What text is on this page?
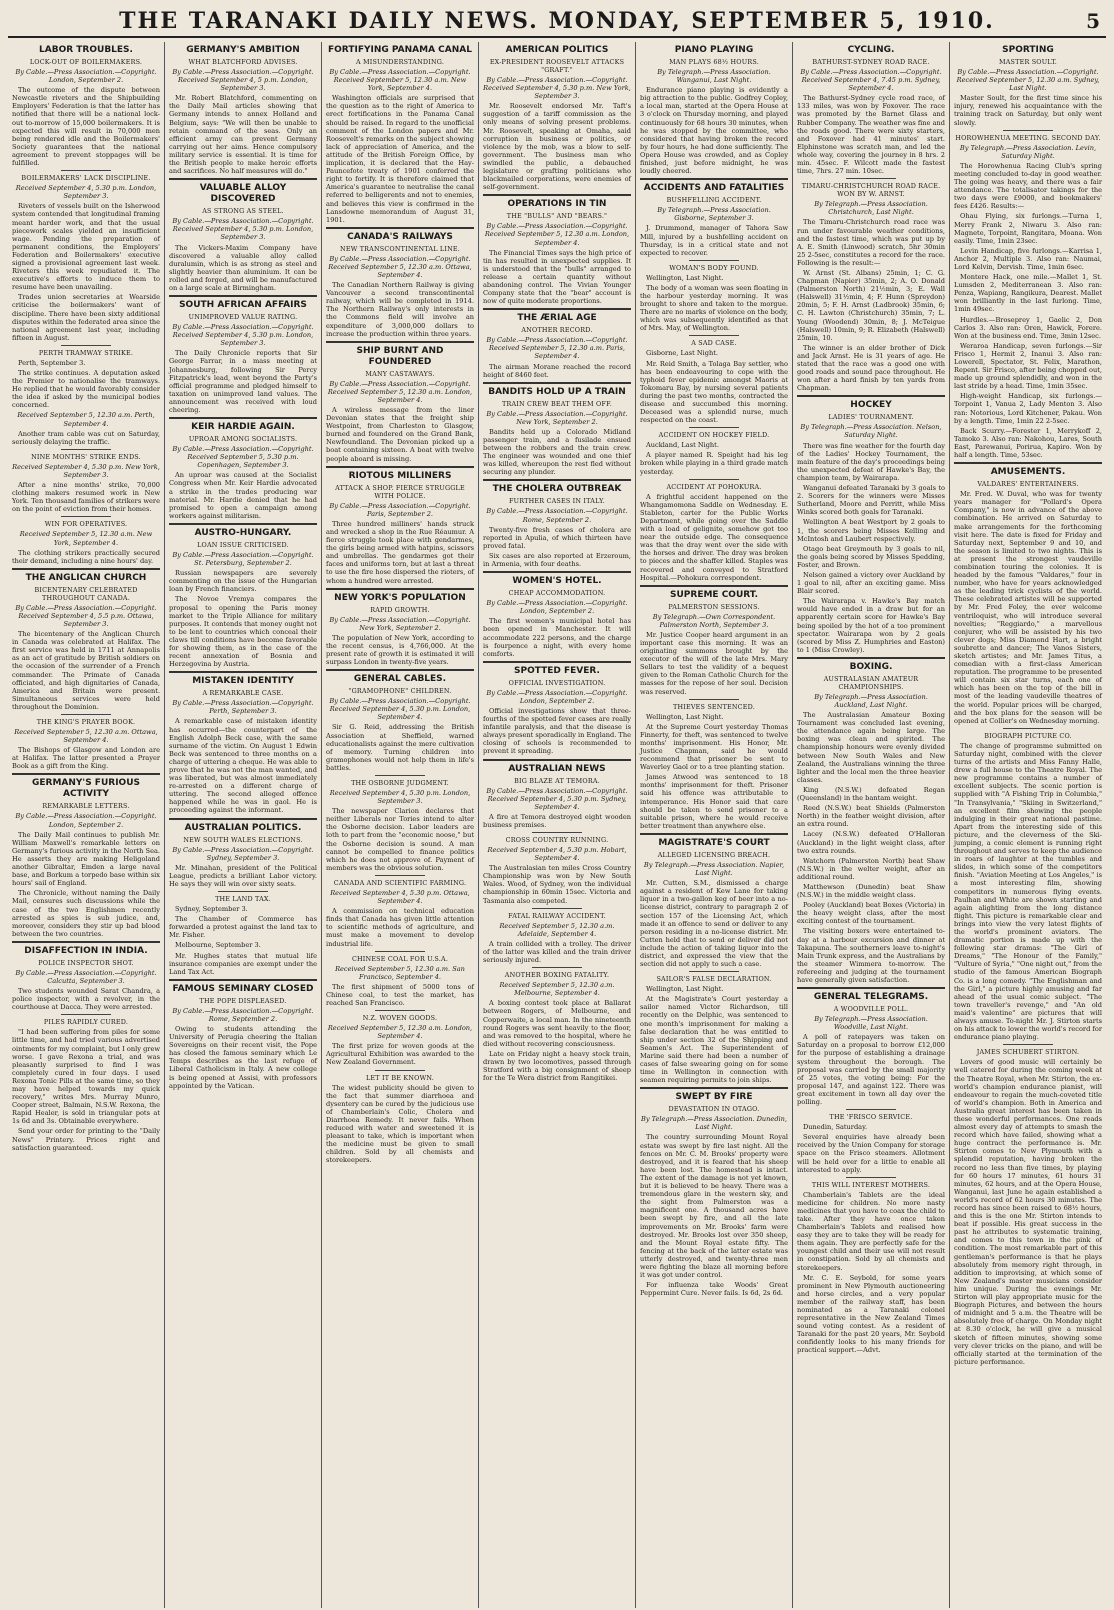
THE TARANAKI DAILY NEWS. MONDAY, SEPTEMBER 5, 1910.	5
LABOR TROUBLES.
LOCK-OUT OF BOILERMAKERS.

By Cable.—Press Association.—Copyright. London, September 2.

The outcome of the dispute between Newcastle riveters and the Shipbuilding Employers' Federation is that the latter has notified that there will be a national lock-out to-morrow of 15,000 boilermakers. It is expected this will result in 70,000 men being rendered idle and the Boilermakers' Society guarantees that the national agreement to prevent stoppages will be fulfilled.

BOILERMAKERS' LACK DISCIPLINE.

Received September 4, 5.30 p.m. London, September 3.

Riveters of vessels built on the Isherwood system contended that longitudinal framing meant harder work, and that the usual piecework scales yielded an insufficient wage. Pending the preparation of permanent conditions, the Employers' Federation and Boilermakers' executive signed a provisional agreement last week. Riveters this week repudiated it. The executive's efforts to induce them to resume have been unavailing.

Trades union secretaries at Wearside criticise the boilermakers' want of discipline. There have been sixty additional disputes within the federated area since the national agreement last year, including fifteen in August.

PERTH TRAMWAY STRIKE.

Perth, September 3.

The strike continues. A deputation asked the Premier to nationalise the tramways. He replied that he would favorably consider the idea if asked by the municipal bodies concerned.

Received September 5, 12.30 a.m. Perth, September 4.

Another tram cable was cut on Saturday, seriously delaying the traffic.

NINE MONTHS' STRIKE ENDS.

Received September 4, 5.30 p.m. New York, September 3.

After a nine months' strike, 70,000 clothing makers resumed work in New York. Ten thousand families of strikers were on the point of eviction from their homes.

WIN FOR OPERATIVES.

Received September 5, 12.30 a.m. New York, September 4.

The clothing strikers practically secured their demand, including a nine hours' day.

THE ANGLICAN CHURCH
BICENTENARY CELEBRATED THROUGHOUT CANADA.

By Cable.—Press Association.—Copyright. Received September 4, 5.5 p.m. Ottawa, September 3.

The bicentenary of the Anglican Church in Canada was celebrated at Halifax. The first service was held in 1711 at Annapolis as an act of gratitude by British soldiers on the occasion of the surrender of a French commander. The Primate of Canada officiated, and high dignitaries of Canada, America and Britain were present. Simultaneous services were held throughout the Dominion.

THE KING'S PRAYER BOOK.

Received September 5, 12.30 a.m. Ottawa, September 4.

The Bishops of Glasgow and London are at Halifax. The latter presented a Prayer Book as a gift from the King.

GERMANY'S FURIOUS ACTIVITY
REMARKABLE LETTERS.

By Cable.—Press Association.—Copyright. London, September 2.

The Daily Mail continues to publish Mr. William Maxwell's remarkable letters on Germany's furious activity in the North Sea. He asserts they are making Heligoland another Gibraltar, Emden a large naval base, and Borkum a torpedo base within six hours' sail of England.

The Chronicle, without naming the Daily Mail, censures such discussions while the case of the two Englishmen recently arrested as spies is sub judice, and, moreover, considers they stir up bad blood between the two countries.

DISAFFECTION IN INDIA.
POLICE INSPECTOR SHOT.

By Cable.—Press Association.—Copyright. Calcutta, September 3.

Two students wounded Sarat Chandra, a police inspector, with a revolver, in the courthouse at Dacca. They were arrested.

PILES RAPIDLY CURED.

"I had been suffering from piles for some little time, and had tried various advertised ointments for my complaint, but I only grew worse. I gave Rexona a trial, and was pleasantly surprised to find I was completely cured in four days. I used Rexona Tonic Pills at the same time, so they may have helped towards my quick recovery," writes Mrs. Murray Munro, Cooper street, Balmain, N.S.W. Rexona, the Rapid Healer, is sold in triangular pots at 1s 6d and 3s. Obtainable everywhere.

Send your order for printing to the "Daily News" Printery. Prices right and satisfaction guaranteed.

GERMANY'S AMBITION
WHAT BLATCHFORD ADVISES.

By Cable.—Press Association.—Copyright. Received September 4, 5 p.m. London, September 3.

Mr. Robert Blatchford, commenting on the Daily Mail articles showing that Germany intends to annex Holland and Belgium, says: "We will then be unable to retain command of the seas. Only an efficient army can prevent Germany carrying out her aims. Hence compulsory military service is essential. It is time for the British people to make heroic efforts and sacrifices. No half measures will do."

VALUABLE ALLOY DISCOVERED
AS STRONG AS STEEL.

By Cable.—Press Association.—Copyright. Received September 4, 5.30 p.m. London, September 3.

The Vickers-Maxim Company have discovered a valuable alloy called duralumin, which is as strong as steel and slightly heavier than aluminium. It can be rolled and forged, and will be manufactured on a large scale at Birmingham.

SOUTH AFRICAN AFFAIRS
UNIMPROVED VALUE RATING.

By Cable.—Press Association.—Copyright. Received September 4, 5.30 p.m. London, September 3.

The Daily Chronicle reports that Sir George Farrar, in a mass meeting at Johannesburg, following Sir Percy Fitzpatrick's lead, went beyond the Party's official programme and pledged himself to taxation on unimproved land values. The announcement was received with loud cheering.

KEIR HARDIE AGAIN.
UPROAR AMONG SOCIALISTS.

By Cable.—Press Association.—Copyright. Received September 5, 5.30 p.m. Copenhagen, September 3.

An uproar was caused at the Socialist Congress when Mr. Keir Hardie advocated a strike in the trades producing war material. Mr. Hardie denied that he had promised to open a campaign among workers against militarism.

AUSTRO-HUNGARY.
LOAN ISSUE CRITICISED.

By Cable.—Press Association.—Copyright. St. Petersburg, September 2.

Russian newspapers are severely commenting on the issue of the Hungarian loan by French financiers.

The Novoe Vremya compares the proposal to opening the Paris money market to the Triple Alliance for military purposes. It contends that money ought not to be lent to countries which conceal their claws till conditions have become favorable for showing them, as in the case of the recent annexation of Bosnia and Herzegovina by Austria.

MISTAKEN IDENTITY
A REMARKABLE CASE.

By Cable.—Press Association.—Copyright. Perth, September 3.

A remarkable case of mistaken identity has occurred—the counterpart of the English Adolph Beck case, with the same surname of the victim. On August 1 Edwin Beck was sentenced to three months on a charge of uttering a cheque. He was able to prove that he was not the man wanted, and was liberated, but was almost immediately re-arrested on a different charge of uttering. The second alleged offence happened while he was in gaol. He is proceeding against the informant.

AUSTRALIAN POLITICS.
NEW SOUTH WALES ELECTIONS.

By Cable.—Press Association.—Copyright. Sydney, September 3.

Mr. Minahan, president of the Political League, predicts a brilliant Labor victory. He says they will win over sixty seats.

THE LAND TAX.

Sydney, September 3.

The Chamber of Commerce has forwarded a protest against the land tax to Mr. Fisher.

Melbourne, September 3.

Mr. Hughes states that mutual life insurance companies are exempt under the Land Tax Act.

FAMOUS SEMINARY CLOSED
THE POPE DISPLEASED.

By Cable.—Press Association.—Copyright. Rome, September 2.

Owing to students attending the University of Perugia cheering the Italian Sovereigns on their recent visit, the Pope has closed the famous seminary which Le Temps describes as the last refuge of Liberal Catholicism in Italy. A new college is being opened at Assisi, with professors appointed by the Vatican.

FORTIFYING PANAMA CANAL
A MISUNDERSTANDING.

By Cable.—Press Association.—Copyright. Received September 5, 12.30 a.m. New York, September 4.

Washington officials are surprised that the question as to the right of America to erect fortifications in the Panama Canal should be raised. In regard to the unofficial comment of the London papers and Mr. Roosevelt's remarks on the subject showing lack of appreciation of America, and the attitude of the British Foreign Office, by implication, it is declared that the Hay-Pauncefote treaty of 1901 conferred the right to fortify. It is therefore claimed that America's guarantee to neutralise the canal referred to belligerents and not to enemies, and believes this view is confirmed in the Lansdowne memorandum of August 31, 1901.

CANADA'S RAILWAYS
NEW TRANSCONTINENTAL LINE.

By Cable.—Press Association.—Copyright. Received September 5, 12.30 a.m. Ottawa, September 4.

The Canadian Northern Railway is giving Vancouver a second transcontinental railway, which will be completed in 1914. The Northern Railway's only interests in the Commons field will involve an expenditure of 3,000,000 dollars to increase the production within three years.

SHIP BURNT AND FOUNDERED
MANY CASTAWAYS.

By Cable.—Press Association.—Copyright. Received September 5, 12.30 a.m. London, September 4.

A wireless message from the liner Devonian states that the freight ship Westpoint, from Charleston to Glasgow, burned and foundered on the Grand Bank, Newfoundland. The Devonian picked up a boat containing sixteen. A boat with twelve people aboard is missing.

RIOTOUS MILLINERS
ATTACK A SHOP. FIERCE STRUGGLE WITH POLICE.

By Cable.—Press Association.—Copyright. Paris, September 2.

Three hundred milliners' hands struck and wrecked a shop in the Rue Réaumur. A fierce struggle took place with gendarmes, the girls being armed with hatpins, scissors and umbrellas. The gendarmes got their faces and uniforms torn, but at last a threat to use the fire hose dispersed the rioters, of whom a hundred were arrested.

NEW YORK'S POPULATION
RAPID GROWTH.

By Cable.—Press Association.—Copyright. New York, September 2.

The population of New York, according to the recent census, is 4,766,000. At the present rate of growth it is estimated it will surpass London in twenty-five years.

GENERAL CABLES.
"GRAMOPHONE" CHILDREN.

By Cable.—Press Association.—Copyright. Received September 4, 5.30 p.m. London, September 4.

Sir G. Reid, addressing the British Association at Sheffield, warned educationalists against the mere cultivation of memory. Turning children into gramophones would not help them in life's battles.

THE OSBORNE JUDGMENT.

Received September 4, 5.30 p.m. London, September 3.

The newspaper Clarion declares that neither Liberals nor Tories intend to alter the Osborne decision. Labor leaders are loth to part from the "economic noose," but the Osborne decision is sound. A man cannot be compelled to finance politics which he does not approve of. Payment of members was the obvious solution.

CANADA AND SCIENTIFIC FARMING.

Received September 4, 5.30 p.m. Ottawa, September 4.

A commission on technical education finds that Canada has given little attention to scientific methods of agriculture, and must make a movement to develop industrial life.

CHINESE COAL FOR U.S.A.

Received September 5, 12.30 a.m. San Francisco, September 4.

The first shipment of 5000 tons of Chinese coal, to test the market, has reached San Francisco.

N.Z. WOVEN GOODS.

Received September 5, 12.30 a.m. London, September 4.

The first prize for woven goods at the Agricultural Exhibition was awarded to the New Zealand Government.

LET IT BE KNOWN.

The widest publicity should be given to the fact that summer diarrhoea and dysentery can be cured by the judicious use of Chamberlain's Colic, Cholera and Diarrhoea Remedy. It never fails. When reduced with water and sweetened it is pleasant to take, which is important when the medicine must be given to small children. Sold by all chemists and storekeepers.

AMERICAN POLITICS
EX-PRESIDENT ROOSEVELT ATTACKS "GRAFT."

By Cable.—Press Association.—Copyright. Received September 4, 5.30 p.m. New York, September 3.

Mr. Roosevelt endorsed Mr. Taft's suggestion of a tariff commission as the only means of solving present problems. Mr. Roosevelt, speaking at Omaha, said corruption in business or politics, or violence by the mob, was a blow to self-government. The business man who swindled the public, a debauched legislature or grafting politicians who blackmailed corporations, were enemies of self-government.

OPERATIONS IN TIN
THE "BULLS" AND "BEARS."

By Cable.—Press Association.—Copyright. Received September 5, 12.30 a.m. London, September 4.

The Financial Times says the high price of tin has resulted in unexpected supplies. It is understood that the "bulls" arranged to release a certain quantity without abandoning control. The Vivian Younger Company state that the "bear" account is now of quite moderate proportions.

THE ÆRIAL AGE
ANOTHER RECORD.

By Cable.—Press Association.—Copyright. Received September 5, 12.30 a.m. Paris, September 4.

The airman Morane reached the record height of 8460 feet.

BANDITS HOLD UP A TRAIN
TRAIN CREW BEAT THEM OFF.

By Cable.—Press Association.—Copyright. New York, September 2.

Bandits held up a Colorado Midland passenger train, and a fusilade ensued between the robbers and the train crew. The engineer was wounded and one thief was killed, whereupon the rest fled without securing any plunder.

THE CHOLERA OUTBREAK
FURTHER CASES IN ITALY.

By Cable.—Press Association.—Copyright. Rome, September 2.

Twenty-five fresh cases of cholera are reported in Apulia, of which thirteen have proved fatal.

Six cases are also reported at Erzeroum, in Armenia, with four deaths.

WOMEN'S HOTEL.
CHEAP ACCOMMODATION.

By Cable.—Press Association.—Copyright. London, September 2.

The first women's municipal hotel has been opened in Manchester. It will accommodate 222 persons, and the charge is fourpence a night, with every home comforts.

SPOTTED FEVER.
OFFICIAL INVESTIGATION.

By Cable.—Press Association.—Copyright. London, September 2.

Official investigations show that three-fourths of the spotted fever cases are really infantile paralysis, and that the disease is always present sporadically in England. The closing of schools is recommended to prevent it spreading.

AUSTRALIAN NEWS
BIG BLAZE AT TEMORA.

By Cable.—Press Association.—Copyright. Received September 4, 5.30 p.m. Sydney, September 4.

A fire at Temora destroyed eight wooden business premises.

CROSS COUNTRY RUNNING.

Received September 4, 5.30 p.m. Hobart, September 4.

The Australasian ten miles Cross Country Championship was won by New South Wales. Wood, of Sydney, won the individual championship in 60min 15sec. Victoria and Tasmania also competed.

FATAL RAILWAY ACCIDENT.

Received September 5, 12.30 a.m. Adelaide, September 4.

A train collided with a trolley. The driver of the latter was killed and the train driver seriously injured.

ANOTHER BOXING FATALITY.

Received September 5, 12.30 a.m. Melbourne, September 4.

A boxing contest took place at Ballarat between Rogers, of Melbourne, and Copperwaite, a local man. In the nineteenth round Rogers was sent heavily to the floor, and was removed to the hospital, where he died without recovering consciousness.

Late on Friday night a heavy stock train, drawn by two locomotives, passed through Stratford with a big consignment of sheep for the Te Wera district from Rangitikei.

PIANO PLAYING
MAN PLAYS 68½ HOURS.

By Telegraph.—Press Association. Wanganui, Last Night.

Endurance piano playing is evidently a big attraction to the public. Godfrey Copley, a local man, started at the Opera House at 3 o'clock on Thursday morning, and played continuously for 68 hours 30 minutes, when he was stopped by the committee, who considered that having broken the record by four hours, he had done sufficiently. The Opera House was crowded, and as Copley finished, just before midnight, he was loudly cheered.

ACCIDENTS AND FATALITIES
BUSHFELLING ACCIDENT.

By Telegraph.—Press Association. Gisborne, September 3.

J. Drummond, manager of Tahora Saw Mill, injured by a bushfelling accident on Thursday, is in a critical state and not expected to recover.

WOMAN'S BODY FOUND.

Wellington, Last Night.

The body of a woman was seen floating in the harbour yesterday morning. It was brought to shore and taken to the morgue. There are no marks of violence on the body, which was subsequently identified as that of Mrs. May, of Wellington.

A SAD CASE.

Gisborne, Last Night.

Mr. Reid Smith, a Tolaga Bay settler, who has been endeavouring to cope with the typhoid fever epidemic amongst Maoris at Tokomaru Bay, by nursing several patients during the past two months, contracted the disease and succumbed this morning. Deceased was a splendid nurse, much respected on the coast.

ACCIDENT ON HOCKEY FIELD.

Auckland, Last Night.

A player named R. Speight had his leg broken while playing in a third grade match yesterday.

ACCIDENT AT POHOKURA.

A frightful accident happened on the Whangamomona Saddle on Wednesday. E. Stableton, carter for the Public Works Department, while going over the Saddle with a load of gelignite, somehow got too near the outside edge. The consequence was that the dray went over the side with the horses and driver. The dray was broken to pieces and the shaffer killed. Staples was recovered and conveyed to Stratford Hospital.—Pohokura correspondent.

SUPREME COURT.
PALMERSTON SESSIONS.

By Telegraph.—Own Correspondent. Palmerston North, September 3.

Mr. Justice Cooper heard argument in an important case this morning. It was an originating summons brought by the executor of the will of the late Mrs. Mary Sellars to test the validity of a bequest given to the Roman Catholic Church for the masses for the repose of her soul. Decision was reserved.

THIEVES SENTENCED.

Wellington, Last Night.

At the Supreme Court yesterday Thomas Finnerty, for theft, was sentenced to twelve months' imprisonment. His Honor, Mr. Justice Chapman, said he would recommend that prisoner be sent to Waverley Gaol or to a tree planting station.

James Atwood was sentenced to 18 months' imprisonment for theft. Prisoner said his offence was attributable to intemperance. His Honor said that care should be taken to send prisoner to a suitable prison, where he would receive better treatment than anywhere else.

MAGISTRATE'S COURT
ALLEGED LICENSING BREACH.

By Telegraph.—Press Association. Napier, Last Night.

Mr. Cutten, S.M., dismissed a charge against a resident of Kew Lane for taking liquor in a two-gallon keg of beer into a no-license district, contrary to paragraph 2 of section 157 of the Licensing Act, which made it an offence to send or deliver to any person residing in a no-license district. Mr. Cutten held that to send or deliver did not include the action of taking liquor into the district, and expressed the view that the section did not apply to such a case.

SAILOR'S FALSE DECLARATION.

Wellington, Last Night.

At the Magistrate's Court yesterday a sailor named Victor Richardson, till recently on the Delphic, was sentenced to one month's imprisonment for making a false declaration that he was entitled to ship under section 32 of the Shipping and Seamen's Act. The Superintendent of Marine said there had been a number of cases of false swearing going on for some time in Wellington in connection with seamen requiring permits to join ships.

SWEPT BY FIRE
DEVASTATION IN OTAGO.

By Telegraph.—Press Association. Dunedin, Last Night.

The country surrounding Mount Royal estate was swept by fire last night. All the fences on Mr. C. M. Brooks' property were destroyed, and it is feared that his sheep have been lost. The homestead is intact. The extent of the damage is not yet known, but it is believed to be heavy. There was a tremendous glare in the western sky, and the sight from Palmerston was a magnificent one. A thousand acres have been swept by fire, and all the late improvements on Mr. Brooks' farm were destroyed. Mr. Brooks lost over 350 sheep, and the Mount Royal estate fifty. The fencing at the back of the latter estate was utterly destroyed, and twenty-three men were fighting the blaze all morning before it was got under control.

For influenza take Woods' Great Peppermint Cure. Never fails. Is 6d, 2s 6d.

CYCLING.
BATHURST-SYDNEY ROAD RACE.

By Cable.—Press Association.—Copyright. Received September 4, 7.45 p.m. Sydney, September 4.

The Bathurst-Sydney cycle road race, of 133 miles, was won by Foxover. The race was promoted by the Barnet Glass and Rubber Company. The weather was fine and the roads good. There were sixty starters, and Foxover had 41 minutes' start. Elphinstone was scratch man, and led the whole way, covering the journey in 8 hrs. 2 min. 45sec. F. Wilcott made the fastest time, 7hrs. 27 min. 10sec.

TIMARU-CHRISTCHURCH ROAD RACE. WON BY W. ARNST.

By Telegraph.—Press Association. Christchurch, Last Night.

The Timaru-Christchurch road race was run under favourable weather conditions, and the fastest time, which was put up by A. E. Smith (Linwood) scratch, 5hr 30min 25 2-5sec, constitutes a record for the race. Following is the result:—

W. Arnst (St. Albans) 25min, 1; C. G. Chapman (Napier) 35min, 2; A. O. Donald (Palmerston North) 21½min, 3; E. Wall (Halswell) 31½min, 4; F. Hunn (Spreydon) 20min, 5; F. H. Arnst (Ladbrook) 35min, 6; C. H. Lawton (Christchurch) 35min, 7; L. Young (Woodend) 30min, 8; J. McTeigue (Halswell) 10min, 9; R. Elizabeth (Halswell) 25min, 10.

The winner is an elder brother of Dick and Jack Arnst. He is 31 years of age. He stated that the race was a good one with good roads and sound pace throughout. He won after a hard finish by ten yards from Chapman.

HOCKEY
LADIES' TOURNAMENT.

By Telegraph.—Press Association. Nelson, Saturday Night.

There was fine weather for the fourth day of the Ladies' Hockey Tournament, the main feature of the day's proceedings being the unexpected defeat of Hawke's Bay, the champion team, by Wairarapa.

Wanganui defeated Taranaki by 3 goals to 2. Scorers for the winners were Misses Sutherland, Moore and Perritt, while Miss Winks scored both goals for Taranaki.

Wellington A beat Westport by 2 goals to 1, the scorers being Misses Kelling and McIntosh and Laubert respectively.

Otago beat Greymouth by 3 goals to nil, the goals being scored by Misses Spedding, Foster, and Brown.

Nelson gained a victory over Auckland by 1 goal to nil, after an exciting game. Miss Blair scored.

The Wairarapa v. Hawke's Bay match would have ended in a draw but for an apparently certain score for Hawke's Bay being spoiled by the hot of a too prominent spectator. Wairarapa won by 2 goals (scored by Miss Z. Humphries and Easton) to 1 (Miss Crowley).

BOXING.
AUSTRALASIAN AMATEUR CHAMPIONSHIPS.

By Telegraph.—Press Association. Auckland, Last Night.

The Australasian Amateur Boxing Tournament was concluded last evening, the attendance again being large. The boxing was clean and spirited. The championship honours were evenly divided between New South Wales and New Zealand, the Australians winning the three lighter and the local men the three heavier classes.

King (N.S.W.) defeated Regan (Queensland) in the bantam weight.

Reed (N.S.W.) beat Shields (Palmerston North) in the feather weight division, after an extra round.

Lacey (N.S.W.) defeated O'Halloran (Auckland) in the light weight class, after two extra rounds.

Watchorn (Palmerston North) beat Shaw (N.S.W.) in the welter weight, after an additional round.

Matthewson (Dunedin) beat Shaw (N.S.W.) in the middle weight class.

Pooley (Auckland) beat Boxes (Victoria) in the heavy weight class, after the most exciting contest of the tournament.

The visiting boxers were entertained to-day at a harbour excursion and dinner at Takapuna. The southerners leave to-night's Main Trunk express, and the Australians by the steamer Wimmera to-morrow. The refereeing and judging at the tournament have generally given satisfaction.

GENERAL TELEGRAMS.
A WOODVILLE POLL.

By Telegraph.—Press Association. Woodville, Last Night.

A poll of ratepayers was taken on Saturday on a proposal to borrow £12,000 for the purpose of establishing a drainage system throughout the borough. The proposal was carried by the small majority of 25 votes, the voting being: For the proposal 147, and against 122. There was great excitement in town all day over the polling.

THE 'FRISCO SERVICE.

Dunedin, Saturday.

Several enquiries have already been received by the Union Company for storage space on the Frisco steamers. Allotment will be held over for a little to enable all interested to apply.

THIS WILL INTEREST MOTHERS.

Chamberlain's Tablets are the ideal medicine for children. No more nasty medicines that you have to coax the child to take. After they have once taken Chamberlain's Tablets and realised how easy they are to take they will be ready for them again. They are perfectly safe for the youngest child and their use will not result in constipation. Sold by all chemists and storekeepers.

Mr. C. E. Seybold, for some years prominent in New Plymouth auctioneering and horse circles, and a very popular member of the railway staff, has been nominated as a Taranaki colonel representative in the New Zealand Times sound voting contest. As a resident of Taranaki for the past 20 years, Mr. Seybold confidently looks to his many friends for practical support.—Advt.

SPORTING
MASTER SOULT.

By Cable.—Press Association.—Copyright. Received September 5, 12.30 a.m. Sydney, Last Night.

Master Soult, for the first time since his injury, renewed his acquaintance with the training track on Saturday, but only went slowly.

HOROWHENUA MEETING. SECOND DAY.

By Telegraph.—Press Association. Levin, Saturday Night.

The Horowhenua Racing Club's spring meeting concluded to-day in good weather. The going was heavy, and there was a fair attendance. The totalisator takings for the two days were £9000, and bookmakers' fees £426. Results:—

Ohau Flying, six furlongs.—Turna 1, Merry Frank 2, Niwaru 3. Also ran: Magnete, Torpoint, Rangitara, Moana. Won easily. Time, 1min 23sec.

Levin Handicap, five furlongs.—Karrisa 1, Anchor 2, Multiple 3. Also ran: Naumai, Lord Kelvin, Dervish. Time, 1min 6sec.

Montere Hack, one mile.—Mallet 1, St. Lumsden 2, Mediterranean 3. Also ran: Penza, Wapiang, Rangikura, Dearest. Mallet won brilliantly in the last furlong. Time, 1min 49sec.

Hurdles.—Broseprey 1, Gaelic 2, Don Carlos 3. Also ran: Oren, Hawick, Forere. Won at the business end. Time, 3min 12sec.

Weraroa Handicap, seven furlongs.—Sir Frisco 1, Hermit 2, Inanui 3. Also ran: Lowerell, Spectator, St. Felix, Marathon, Repent. Sir Frisco, after being chopped out, made up ground splendidly, and won in the last stride by a head. Time, 1min 35sec.

High-weight Handicap, six furlongs.—Torpoint 1, Vanua 2, Lady Menton 3. Also ran: Notorious, Lord Kitchener, Pakau. Won by a length. Time, 1min 22 2-5sec.

Back Scurry.—Forester 1, Merrykoff 2, Tamoko 3. Also ran: Nakohou, Lares, South East, Parewanui, Porirua, Kapiro. Won by half a length. Time, 53sec.

AMUSEMENTS.
VALDARES' ENTERTAINERS.

Mr. Fred. W. Duval, who was for twenty years manager for "Pollard's Opera Company," is now in advance of the above combination. He arrived on Saturday to make arrangements for the forthcoming visit here. The date is fixed for Friday and Saturday next, September 9 and 10, and the season is limited to two nights. This is at present the strongest vaudeville combination touring the colonies. It is headed by the famous "Valdares," four in number, who have for years acknowledged as the leading trick cyclists of the world. These celebrated artistes will be supported by Mr. Fred Foley, the ever welcome ventriloquist, who will introduce several novelties; "Reggiardo," a marvellous conjurer, who will be assisted by his two clever dogs; Miss Diamond Hart, a bright soubrette and dancer; The Vanos Sisters, sketch artistes; and Mr. James Titus, a comedian with a first-class American reputation. The programme to be presented will contain six star turns, each one of which has been on the top of the bill in most of the leading vaudeville theatres of the world. Popular prices will be charged, and the box plans for the season will be opened at Collier's on Wednesday morning.

BIOGRAPH PICTURE CO.

The change of programme submitted on Saturday night, combined with the clever turns of the artists and Miss Fanny Halle, drew a full house to the Theatre Royal. The new programme contains a number of excellent subjects. The scenic portion is supplied with "A Fishing Trip in Columbia," "In Transylvania," "Skiing in Switzerland," an excellent film showing the people indulging in their great national pastime. Apart from the interesting side of this picture, and the cleverness of the Ski-jumping, a comic element is running right throughout and serves to keep the audience in roars of laughter at the tumbles and slides, in which some of the competitors finish. "Aviation Meeting at Los Angeles," is a most interesting film, showing competitors in numerous flying events. Paulhan and White are shown starting and again alighting from the long distance flight. This picture is remarkable clear and brings into view the very latest flights of the world's prominent aviators. The dramatic portion is made up with the following star dramas: "The Girl of Dreams," "The Honour of the Family," "Vulture of Syria," "One night out," from the studio of the famous American Biograph Co. is a long comedy. "The Englishman and the Girl," a picture highly amusing and far ahead of the usual comic subject. "The town traveller's revenge," and "An old maid's valentine" are pictures that will always amuse. To-night Mr. J. Stirton starts on his attack to lower the world's record for endurance piano playing.

JAMES SCHUBERT STIRTON.

Lovers of good music will certainly be well catered for during the coming week at the Theatre Royal, when Mr. Stirton, the ex-world's champion endurance pianist, will endeavour to regain the much-coveted title of world's champion. Both in America and Australia great interest has been taken in these wonderful performances. One reads almost every day of attempts to smash the record which have failed, showing what a huge contract the performance is. Mr. Stirton comes to New Plymouth with a splendid reputation, having broken the record no less than five times, by playing for 60 hours 17 minutes, 61 hours 31 minutes, 62 hours, and at the Opera House, Wanganui, last June he again established a world's record of 62 hours 30 minutes. The record has since been raised to 68½ hours, and this is the one Mr. Stirton intends to beat if possible. His great success in the past he attributes to systematic training, and comes to this town in the pink of condition. The most remarkable part of this gentleman's performance is that he plays absolutely from memory right through, in addition to improvising, at which some of New Zealand's master musicians consider him unique. During the evenings Mr. Stirton will play appropriate music for the Biograph Pictures, and between the hours of midnight and 5 a.m. the Theatre will be absolutely free of charge. On Monday night at 8.30 o'clock, he will give a musical sketch of fifteen minutes, showing some very clever tricks on the piano, and will be officially started at the termination of the picture performance.
